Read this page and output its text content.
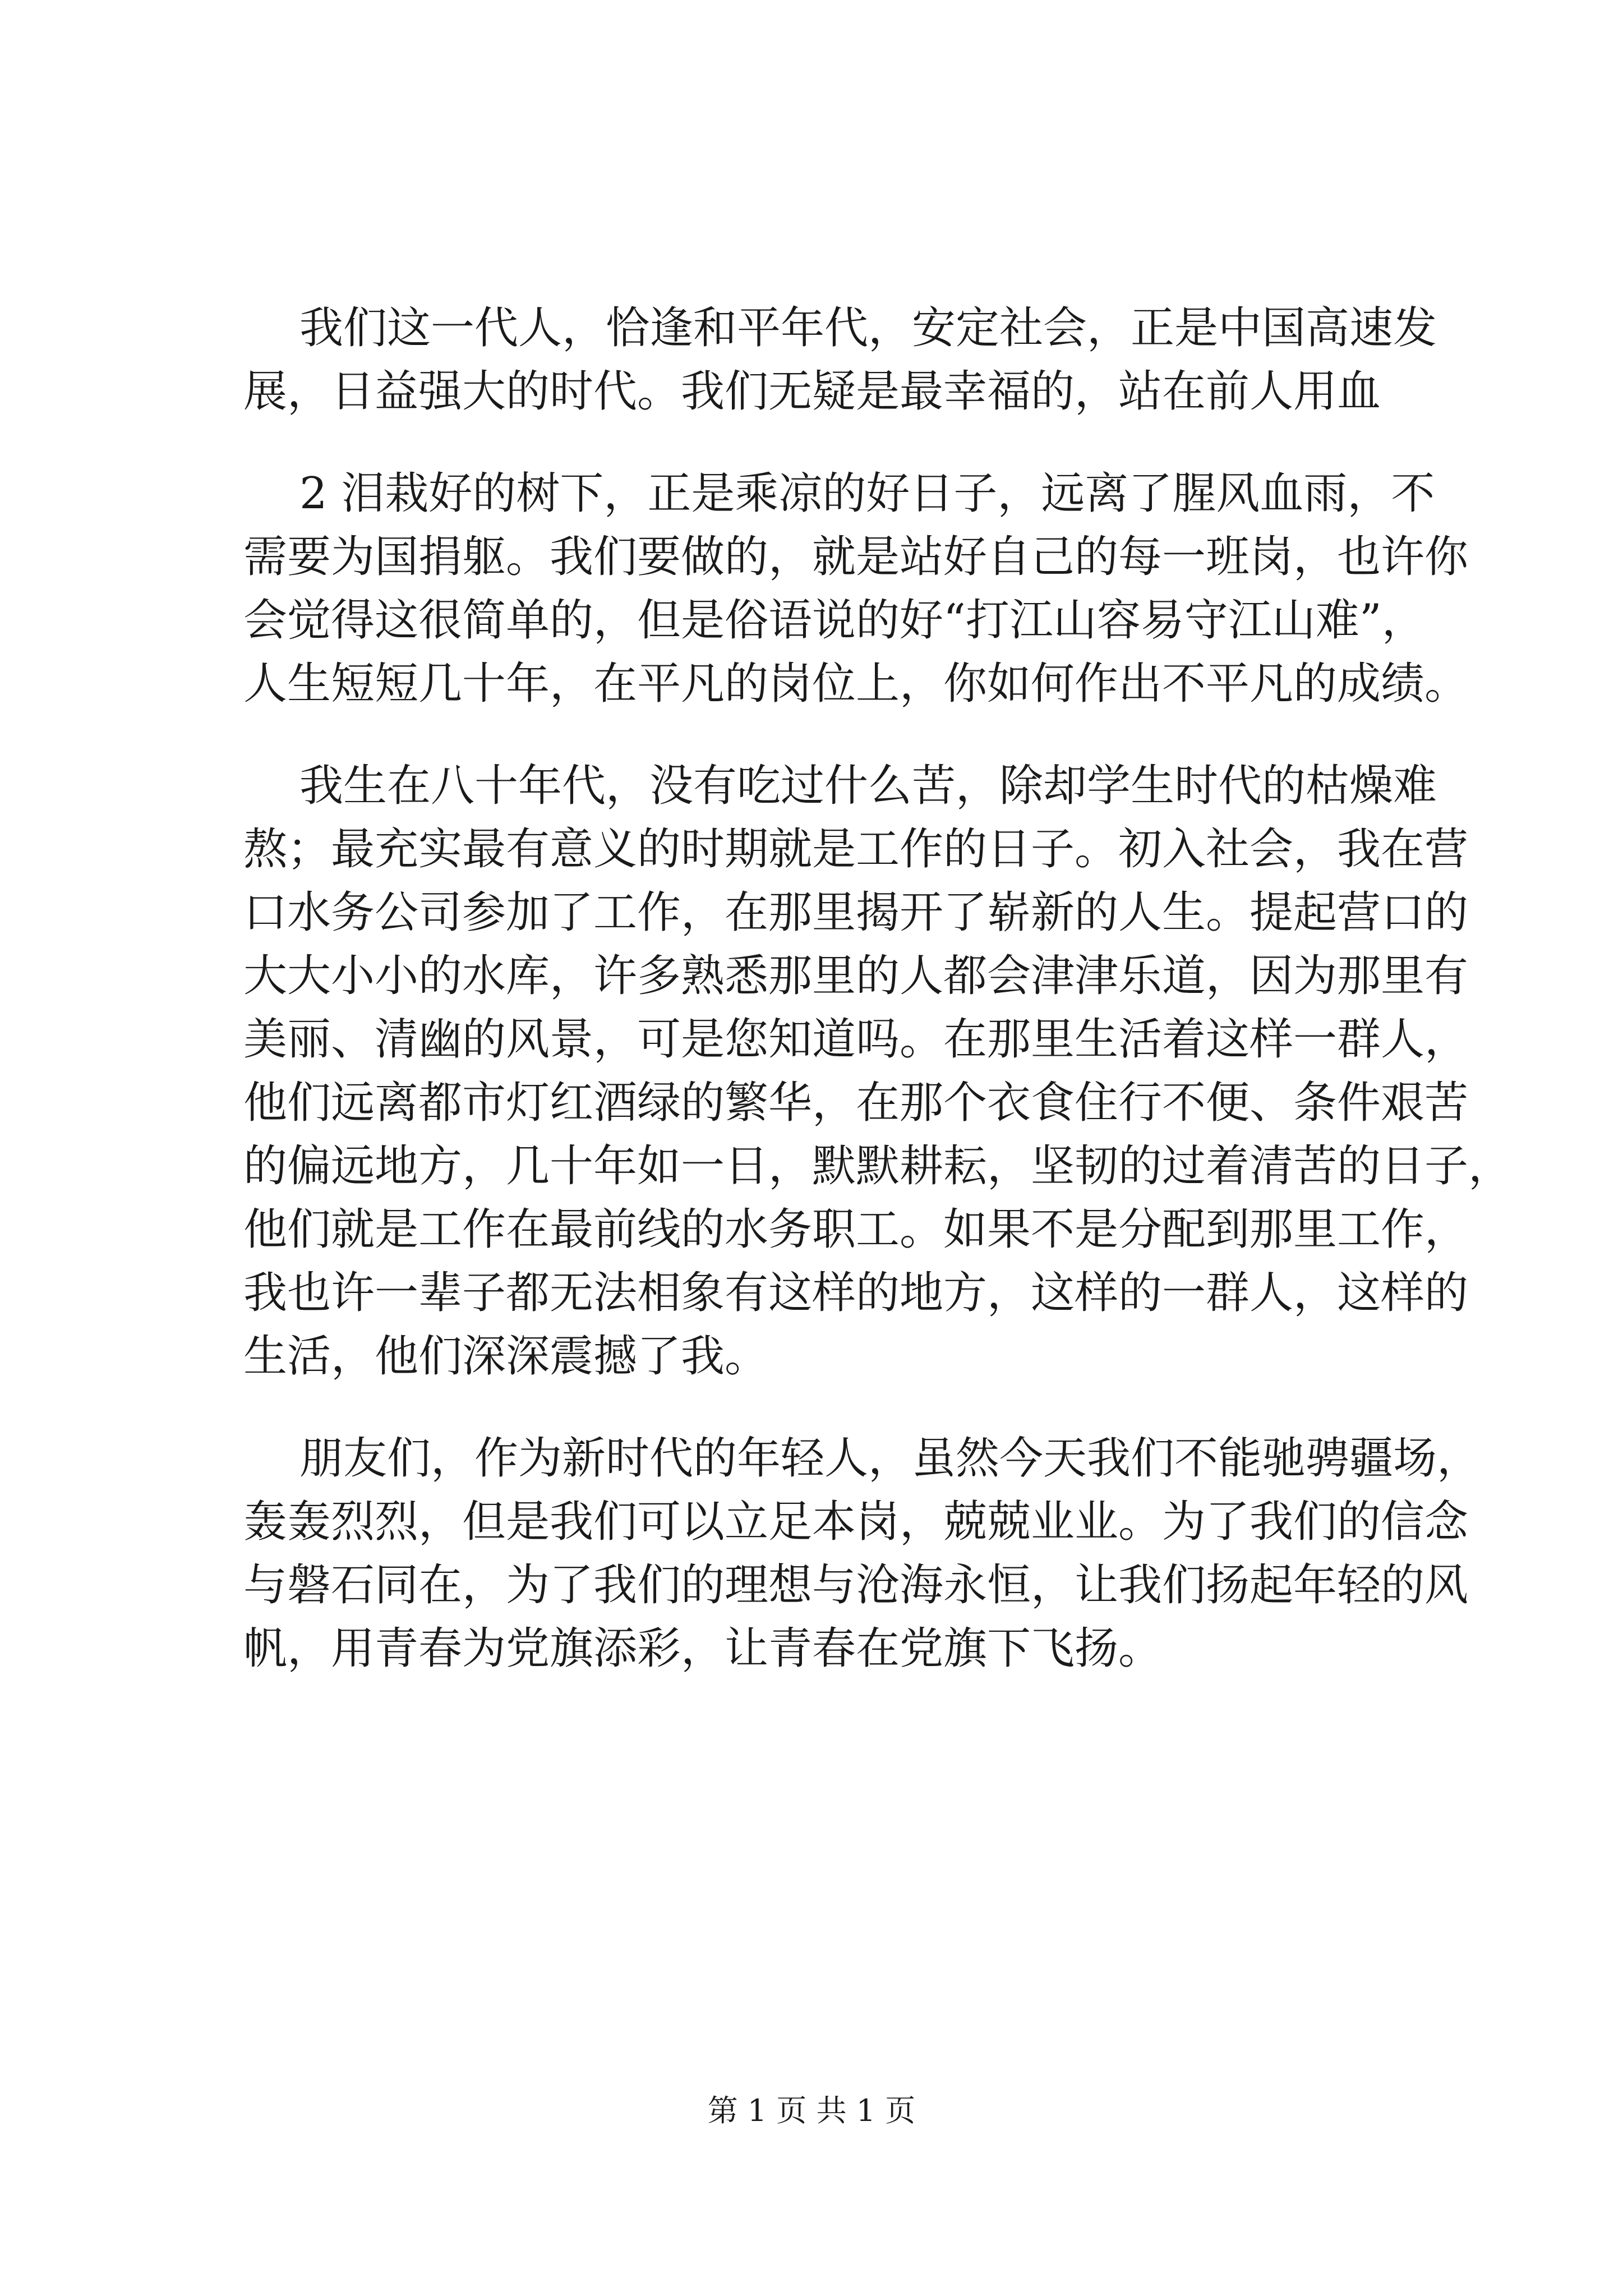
我们这一代人，恰逢和平年代，安定社会，正是中国高速发
展，日益强大的时代。我们无疑是最幸福的，站在前人用血
2 泪栽好的树下，正是乘凉的好日子，远离了腥风血雨，不
需要为国捐躯。我们要做的，就是站好自己的每一班岗，也许你
会觉得这很简单的，但是俗语说的好“打江山容易守江山难”，
人生短短几十年，在平凡的岗位上，你如何作出不平凡的成绩。
我生在八十年代，没有吃过什么苦，除却学生时代的枯燥难
熬；最充实最有意义的时期就是工作的日子。初入社会，我在营
口水务公司参加了工作，在那里揭开了崭新的人生。提起营口的
大大小小的水库，许多熟悉那里的人都会津津乐道，因为那里有
美丽、清幽的风景，可是您知道吗。在那里生活着这样一群人，
他们远离都市灯红酒绿的繁华，在那个衣食住行不便、条件艰苦
的偏远地方，几十年如一日，默默耕耘，坚韧的过着清苦的日子，
他们就是工作在最前线的水务职工。如果不是分配到那里工作，
我也许一辈子都无法相象有这样的地方，这样的一群人，这样的
生活，他们深深震撼了我。
朋友们，作为新时代的年轻人，虽然今天我们不能驰骋疆场，
轰轰烈烈，但是我们可以立足本岗，兢兢业业。为了我们的信念
与磐石同在，为了我们的理想与沧海永恒，让我们扬起年轻的风
帆，用青春为党旗添彩，让青春在党旗下飞扬。
第 1 页 共 1 页
